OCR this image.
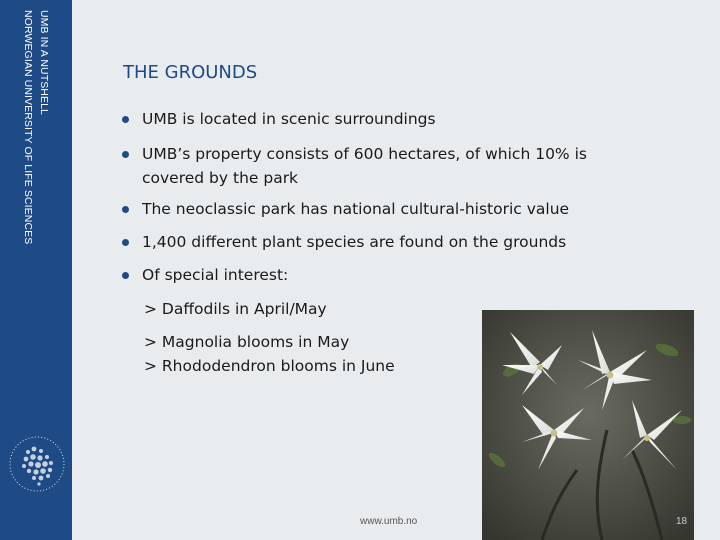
UMB IN A NUTSHELL
NORWEGIAN UNIVERSITY OF LIFE SCIENCES	THE GROUNDS
UMB is located in scenic surroundings
UMB’s property consists of 600 hectares, of which 10% is
covered by the park
The neoclassic park has national cultural-historic value
1,400 different plant species are found on the grounds
Of special interest:
> Daffodils in April/May
> Magnolia blooms in May
> Rhododendron blooms in June
www.umb.no	18
